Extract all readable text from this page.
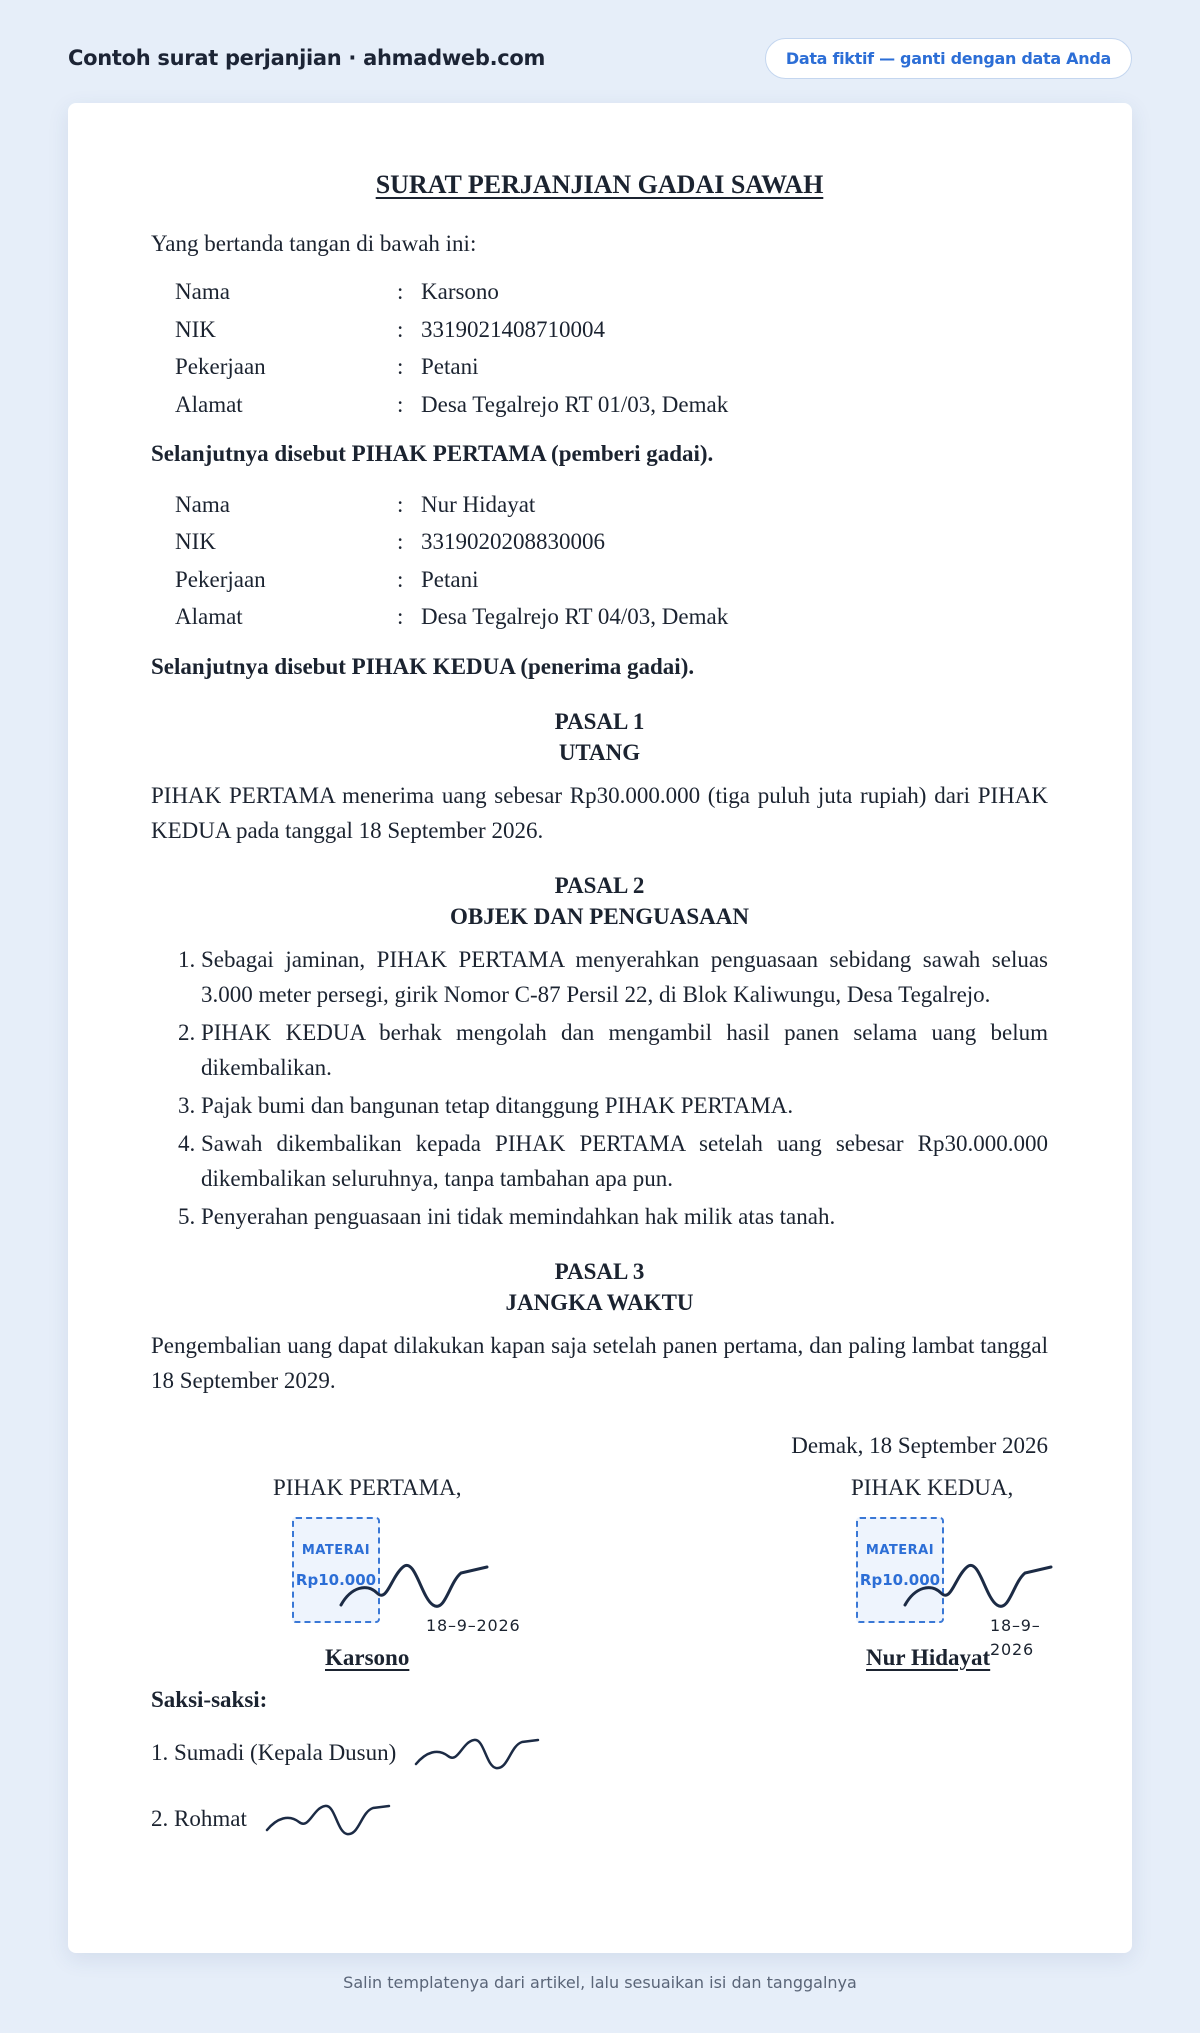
Contoh surat perjanjian · ahmadweb.com	Data fiktif — ganti dengan data Anda
SURAT PERJANJIAN GADAI SAWAH
Yang bertanda tangan di bawah ini:
Nama	: Karsono
NIK	: 3319021408710004
Pekerjaan	: Petani
Alamat	: Desa Tegalrejo RT 01/03, Demak
Selanjutnya disebut PIHAK PERTAMA (pemberi gadai).
Nama	: Nur Hidayat
NIK	: 3319020208830006
Pekerjaan	: Petani
Alamat	: Desa Tegalrejo RT 04/03, Demak
Selanjutnya disebut PIHAK KEDUA (penerima gadai).
PASAL 1
UTANG
PIHAK PERTAMA menerima uang sebesar Rp30.000.000 (tiga puluh juta rupiah) dari PIHAK KEDUA pada tanggal 18 September 2026.
PASAL 2
OBJEK DAN PENGUASAAN
1. Sebagai jaminan, PIHAK PERTAMA menyerahkan penguasaan sebidang sawah seluas 3.000 meter persegi, girik Nomor C-87 Persil 22, di Blok Kaliwungu, Desa Tegalrejo.
2. PIHAK KEDUA berhak mengolah dan mengambil hasil panen selama uang belum dikembalikan.
3. Pajak bumi dan bangunan tetap ditanggung PIHAK PERTAMA.
4. Sawah dikembalikan kepada PIHAK PERTAMA setelah uang sebesar Rp30.000.000 dikembalikan seluruhnya, tanpa tambahan apa pun.
5. Penyerahan penguasaan ini tidak memindahkan hak milik atas tanah.
PASAL 3
JANGKA WAKTU
Pengembalian uang dapat dilakukan kapan saja setelah panen pertama, dan paling lambat tanggal 18 September 2029.
Demak, 18 September 2026
PIHAK PERTAMA,
MATERAI
Rp10.000
18–9–2026
Karsono
PIHAK KEDUA,
MATERAI
Rp10.000
18–9–2026
Nur Hidayat
Saksi-saksi:
1. Sumadi (Kepala Dusun)
2. Rohmat
Salin templatenya dari artikel, lalu sesuaikan isi dan tanggalnya
